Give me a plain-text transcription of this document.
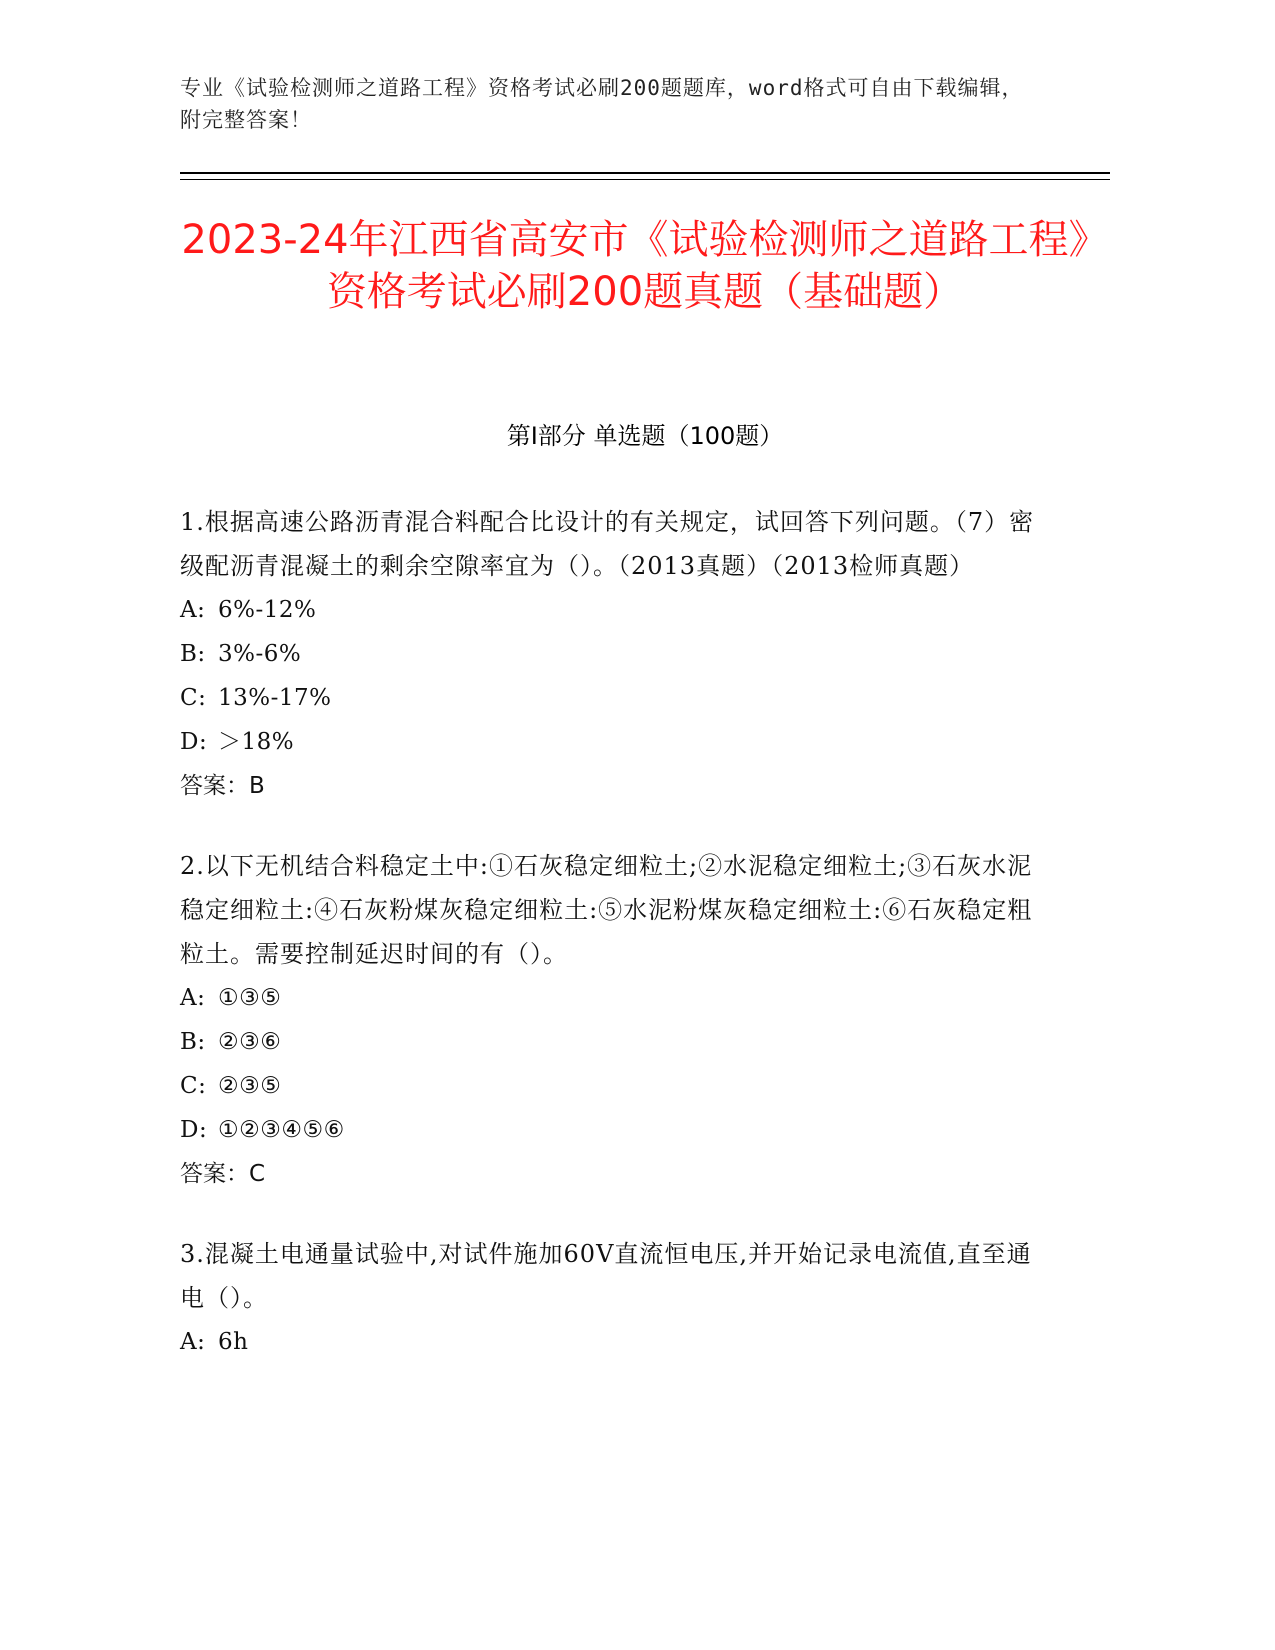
专业《试验检测师之道路工程》资格考试必刷200题题库，word格式可自由下载编辑，附完整答案！
2023-24年江西省高安市《试验检测师之道路工程》资格考试必刷200题真题（基础题）
第Ⅰ部分 单选题（100题）

1.根据高速公路沥青混合料配合比设计的有关规定，试回答下列问题。（7）密级配沥青混凝土的剩余空隙率宜为（）。（2013真题）（2013检师真题）

A: 6%-12%

B: 3%-6%

C: 13%-17%

D: ＞18%

答案：B

2.以下无机结合料稳定土中:①石灰稳定细粒土;②水泥稳定细粒土;③石灰水泥稳定细粒土:④石灰粉煤灰稳定细粒土:⑤水泥粉煤灰稳定细粒土:⑥石灰稳定粗粒土。需要控制延迟时间的有（）。

A: ①③⑤

B: ②③⑥

C: ②③⑤

D: ①②③④⑤⑥

答案：C

3.混凝土电通量试验中,对试件施加60V直流恒电压,并开始记录电流值,直至通电（）。

A: 6h
